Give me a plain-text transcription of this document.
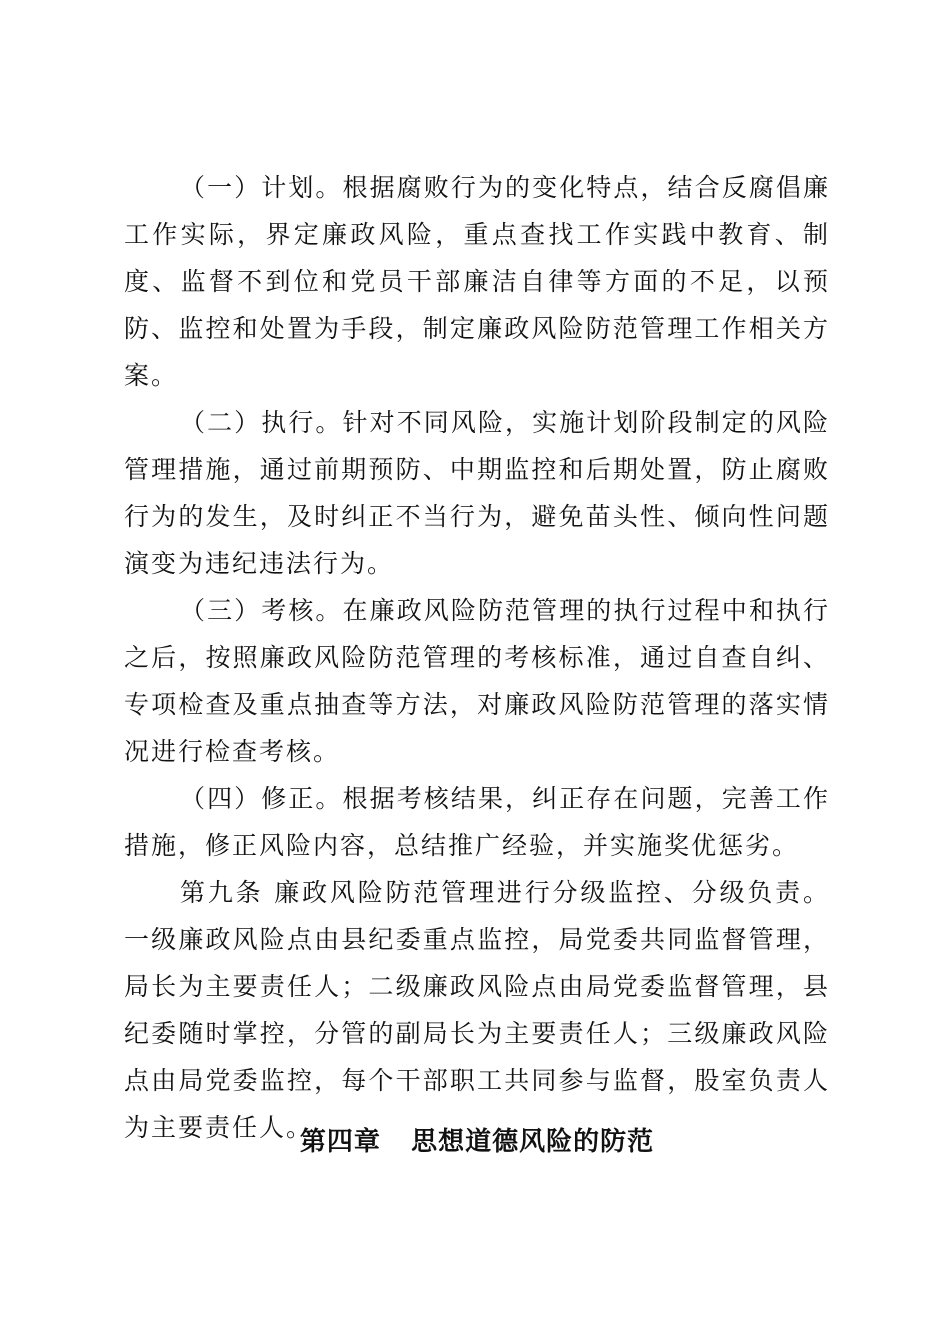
（一）计划。根据腐败行为的变化特点，结合反腐倡廉工作实际，界定廉政风险，重点查找工作实践中教育、制度、监督不到位和党员干部廉洁自律等方面的不足，以预防、监控和处置为手段，制定廉政风险防范管理工作相关方案。

（二）执行。针对不同风险，实施计划阶段制定的风险管理措施，通过前期预防、中期监控和后期处置，防止腐败行为的发生，及时纠正不当行为，避免苗头性、倾向性问题演变为违纪违法行为。

（三）考核。在廉政风险防范管理的执行过程中和执行之后，按照廉政风险防范管理的考核标准，通过自查自纠、专项检查及重点抽查等方法，对廉政风险防范管理的落实情况进行检查考核。

（四）修正。根据考核结果，纠正存在问题，完善工作措施，修正风险内容，总结推广经验，并实施奖优惩劣。

第九条 廉政风险防范管理进行分级监控、分级负责。一级廉政风险点由县纪委重点监控，局党委共同监督管理，局长为主要责任人；二级廉政风险点由局党委监督管理，县纪委随时掌控，分管的副局长为主要责任人；三级廉政风险点由局党委监控，每个干部职工共同参与监督，股室负责人为主要责任人。

第四章   思想道德风险的防范
